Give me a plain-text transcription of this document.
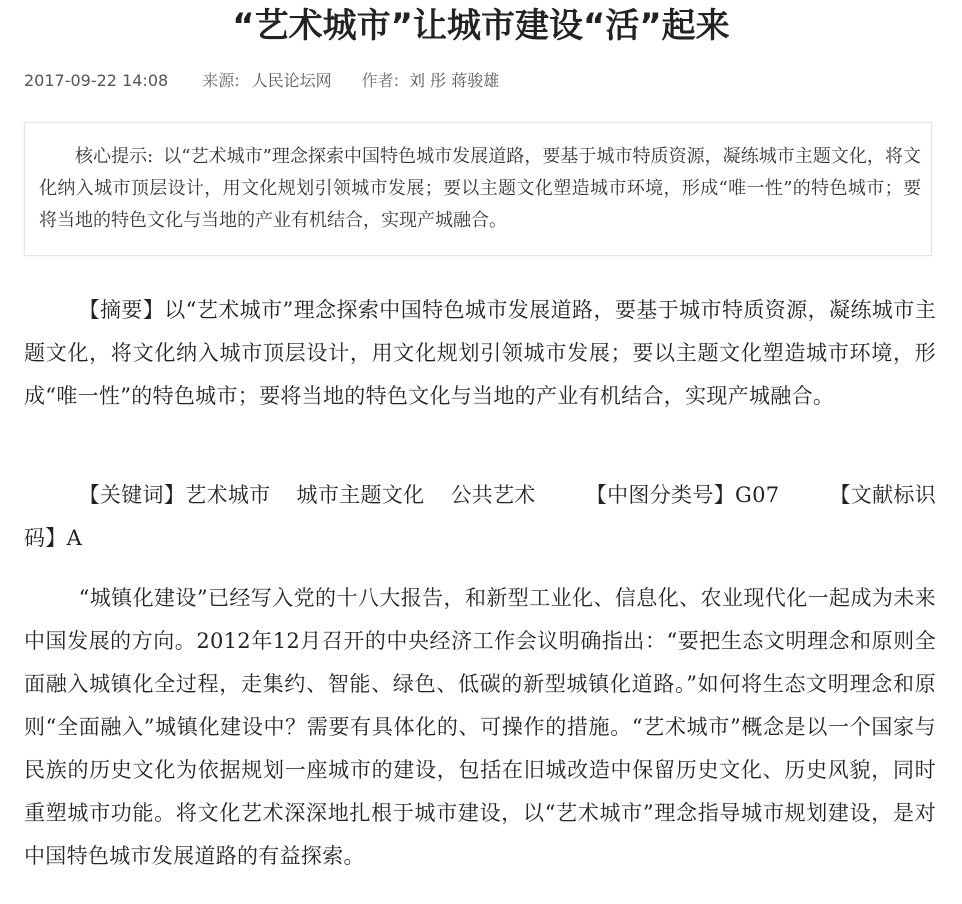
“艺术城市”让城市建设“活”起来
2017-09-22 14:08 来源: 人民论坛网 作者: 刘 彤 蒋骏雄

核心提示: 以“艺术城市”理念探索中国特色城市发展道路，要基于城市特质资源，凝练城市主题文化，将文化纳入城市顶层设计，用文化规划引领城市发展；要以主题文化塑造城市环境，形成“唯一性”的特色城市；要将当地的特色文化与当地的产业有机结合，实现产城融合。

【摘要】以“艺术城市”理念探索中国特色城市发展道路，要基于城市特质资源，凝练城市主题文化，将文化纳入城市顶层设计，用文化规划引领城市发展；要以主题文化塑造城市环境，形成“唯一性”的特色城市；要将当地的特色文化与当地的产业有机结合，实现产城融合。

【关键词】艺术城市 城市主题文化 公共艺术 【中图分类号】G07 【文献标识码】A

“城镇化建设”已经写入党的十八大报告，和新型工业化、信息化、农业现代化一起成为未来中国发展的方向。2012年12月召开的中央经济工作会议明确指出：“要把生态文明理念和原则全面融入城镇化全过程，走集约、智能、绿色、低碳的新型城镇化道路。”如何将生态文明理念和原则“全面融入”城镇化建设中？需要有具体化的、可操作的措施。“艺术城市”概念是以一个国家与民族的历史文化为依据规划一座城市的建设，包括在旧城改造中保留历史文化、历史风貌，同时重塑城市功能。将文化艺术深深地扎根于城市建设，以“艺术城市”理念指导城市规划建设，是对中国特色城市发展道路的有益探索。
